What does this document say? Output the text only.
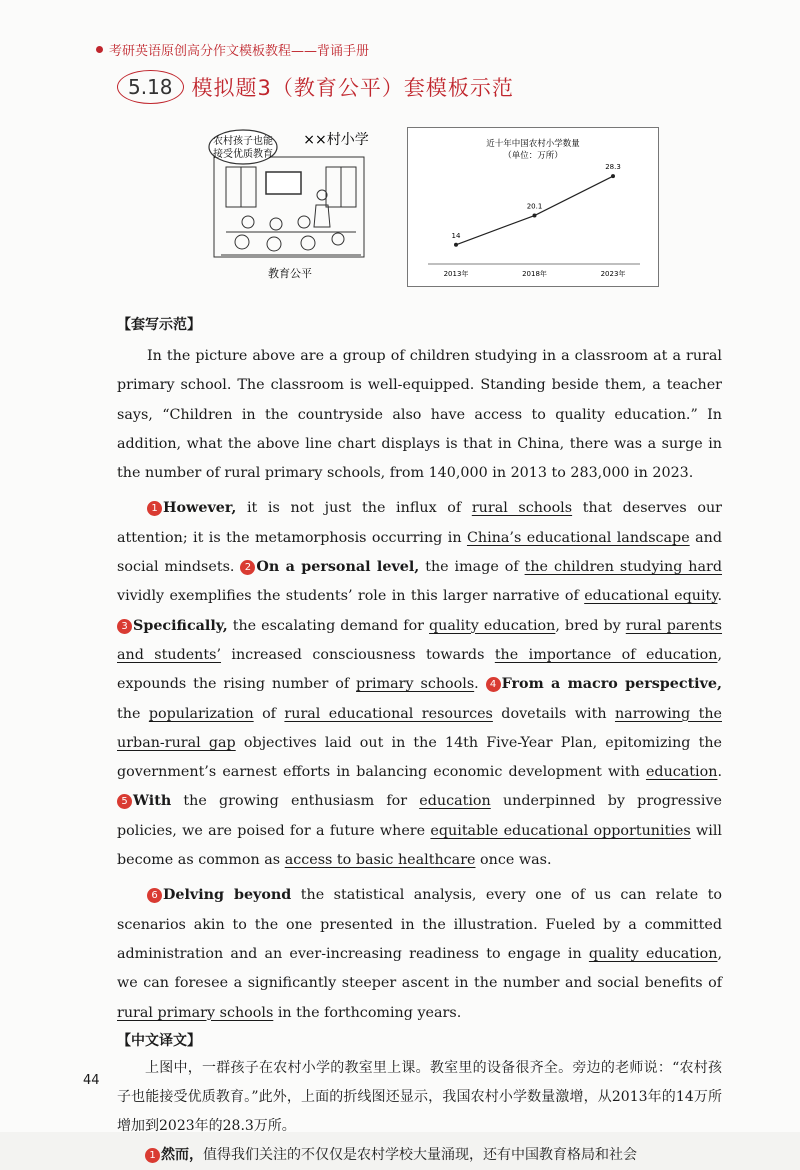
考研英语原创高分作文模板教程——背诵手册
5.18 模拟题3（教育公平）套模板示范
农村孩子也能
接受优质教育
××村小学
教育公平
近十年中国农村小学数量
（单位：万所）
14
2013年
20.1
2018年
28.3
2023年
【套写示范】

In the picture above are a group of children studying in a classroom at a rural primary school. The classroom is well-equipped. Standing beside them, a teacher says, “Children in the countryside also have access to quality education.” In addition, what the above line chart displays is that in China, there was a surge in the number of rural primary schools, from 140,000 in 2013 to 283,000 in 2023.

1 However, it is not just the influx of rural schools that deserves our attention; it is the metamorphosis occurring in China’s educational landscape and social mindsets. 2 On a personal level, the image of the children studying hard vividly exemplifies the students’ role in this larger narrative of educational equity. 3 Specifically, the escalating demand for quality education, bred by rural parents and students’ increased consciousness towards the importance of education, expounds the rising number of primary schools. 4 From a macro perspective, the popularization of rural educational resources dovetails with narrowing the urban-rural gap objectives laid out in the 14th Five-Year Plan, epitomizing the government’s earnest efforts in balancing economic development with education. 5 With the growing enthusiasm for education underpinned by progressive policies, we are poised for a future where equitable educational opportunities will become as common as access to basic healthcare once was.

6 Delving beyond the statistical analysis, every one of us can relate to scenarios akin to the one presented in the illustration. Fueled by a committed administration and an ever-increasing readiness to engage in quality education, we can foresee a significantly steeper ascent in the number and social benefits of rural primary schools in the forthcoming years.

【中文译文】

上图中，一群孩子在农村小学的教室里上课。教室里的设备很齐全。旁边的老师说：“农村孩子也能接受优质教育。”此外，上面的折线图还显示，我国农村小学数量激增，从2013年的14万所增加到2023年的28.3万所。

1 然而，值得我们关注的不仅仅是农村学校大量涌现，还有中国教育格局和社会

44
